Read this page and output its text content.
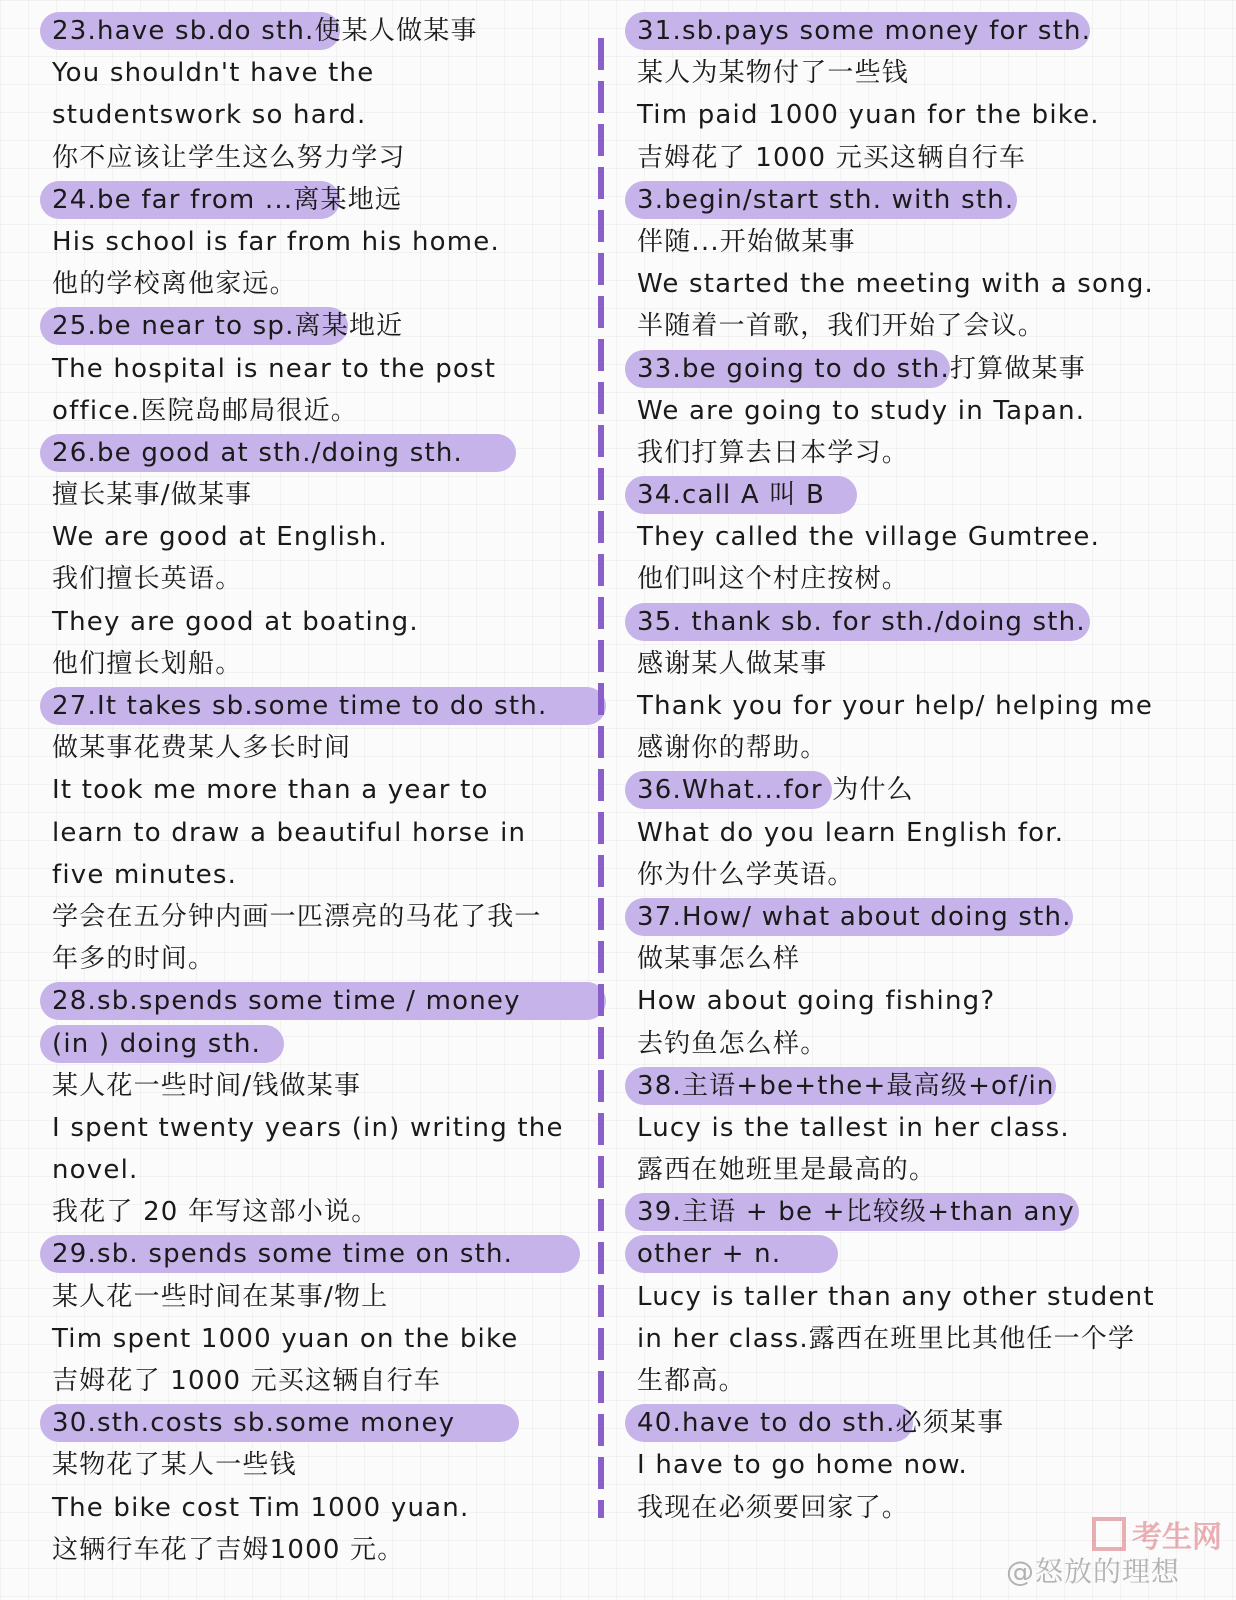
23.have sb.do sth.使某人做某事
You shouldn't have the
studentswork so hard.
你不应该让学生这么努力学习
24.be far from ...离某地远
His school is far from his home.
他的学校离他家远。
25.be near to sp.离某地近
The hospital is near to the post
office.医院岛邮局很近。
26.be good at sth./doing sth.
擅长某事/做某事
We are good at English.
我们擅长英语。
They are good at boating.
他们擅长划船。
27.It takes sb.some time to do sth.
做某事花费某人多长时间
It took me more than a year to
learn to draw a beautiful horse in
five minutes.
学会在五分钟内画一匹漂亮的马花了我一
年多的时间。
28.sb.spends some time / money
(in ) doing sth.
某人花一些时间/钱做某事
I spent twenty years (in) writing the
novel.
我花了 20 年写这部小说。
29.sb. spends some time on sth.
某人花一些时间在某事/物上
Tim spent 1000 yuan on the bike
吉姆花了 1000 元买这辆自行车
30.sth.costs sb.some money
某物花了某人一些钱
The bike cost Tim 1000 yuan.
这辆行车花了吉姆1000 元。
31.sb.pays some money for sth.
某人为某物付了一些钱
Tim paid 1000 yuan for the bike.
吉姆花了 1000 元买这辆自行车
3.begin/start sth. with sth.
伴随...开始做某事
We started the meeting with a song.
半随着一首歌，我们开始了会议。
33.be going to do sth.打算做某事
We are going to study in Tapan.
我们打算去日本学习。
34.call A 叫 B
They called the village Gumtree.
他们叫这个村庄按树。
35. thank sb. for sth./doing sth.
感谢某人做某事
Thank you for your help/ helping me
感谢你的帮助。
36.What...for 为什么
What do you learn English for.
你为什么学英语。
37.How/ what about doing sth.
做某事怎么样
How about going fishing?
去钓鱼怎么样。
38.主语+be+the+最高级+of/in
Lucy is the tallest in her class.
露西在她班里是最高的。
39.主语 + be +比较级+than any
other + n.
Lucy is taller than any other student
in her class.露西在班里比其他任一个学
生都高。
40.have to do sth.必须某事
I have to go home now.
我现在必须要回家了。
考生网
@怒放的理想
